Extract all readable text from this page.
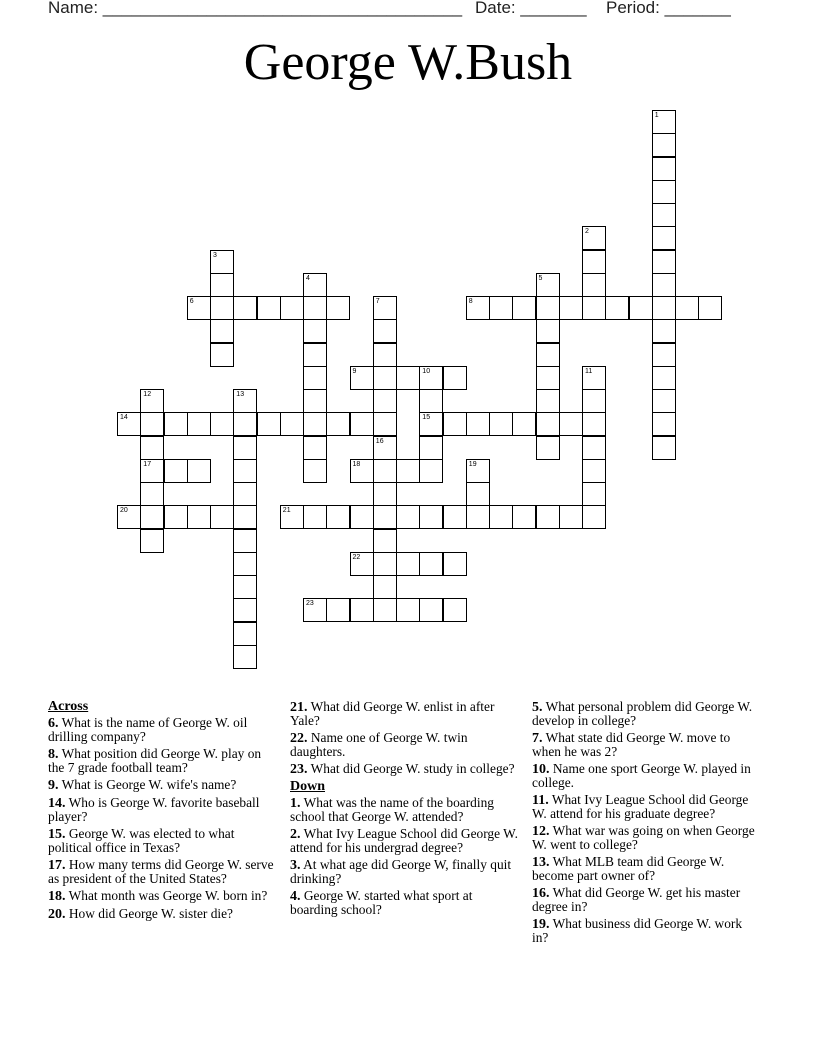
Name: ______________________________________ Date: _______ Period: _______
George W.Bush
1
2
3
4	5
6	7	8
9	10
15
11
12
17
13
14
16
18	19
20	21
22
23
Across
6. What is the name of George W. oil drilling company?
8. What position did George W. play on the 7 grade football team?
9. What is George W. wife's name?
14. Who is George W. favorite baseball player?
15. George W. was elected to what political office in Texas?
17. How many terms did George W. serve as president of the United States?
18. What month was George W. born in?
20. How did George W. sister die?
21. What did George W. enlist in after Yale?
22. Name one of George W. twin daughters.
23. What did George W. study in college?
Down
1. What was the name of the boarding school that George W. attended?
2. What Ivy League School did George W. attend for his undergrad degree?
3. At what age did George W, finally quit drinking?
4. George W. started what sport at boarding school?
5. What personal problem did George W. develop in college?
7. What state did George W. move to when he was 2?
10. Name one sport George W. played in college.
11. What Ivy League School did George W. attend for his graduate degree?
12. What war was going on when George W. went to college?
13. What MLB team did George W. become part owner of?
16. What did George W. get his master degree in?
19. What business did George W. work in?
